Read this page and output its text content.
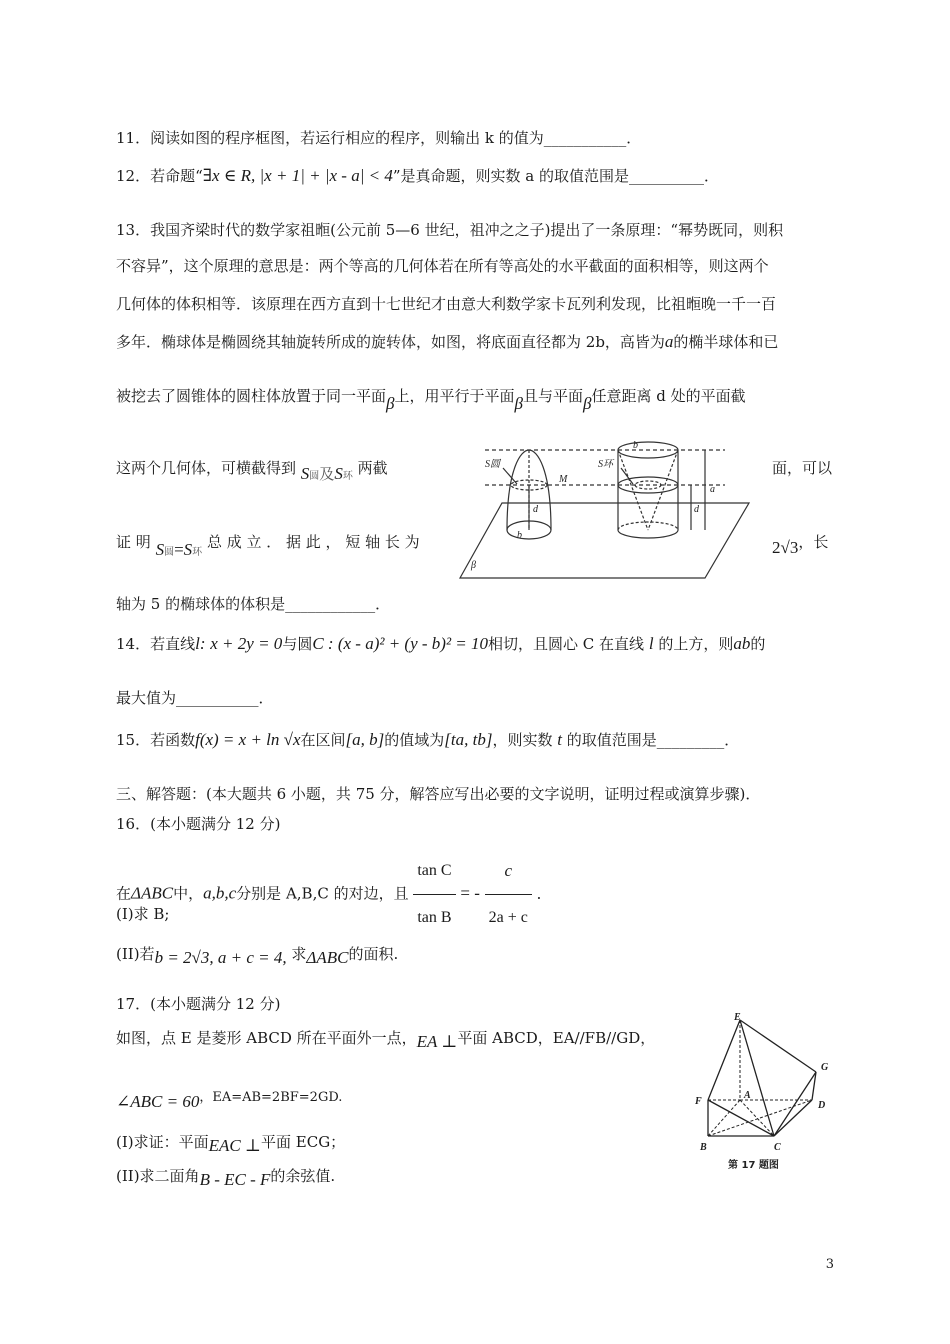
11．阅读如图的程序框图，若运行相应的程序，则输出 k 的值为___________．
12．若命题“∃x ∈ R, |x + 1| + |x - a| < 4”是真命题，则实数 a 的取值范围是__________．
13．我国齐梁时代的数学家祖暅(公元前 5—6 世纪，祖冲之之子)提出了一条原理：“幂势既同，则积
不容异”，这个原理的意思是：两个等高的几何体若在所有等高处的水平截面的面积相等，则这两个
几何体的体积相等．该原理在西方直到十七世纪才由意大利数学家卡瓦列利发现，比祖暅晚一千一百
多年．椭球体是椭圆绕其轴旋转所成的旋转体，如图，将底面直径都为 2b，高皆为a的椭半球体和已
被挖去了圆锥体的圆柱体放置于同一平面β上，用平行于平面β且与平面β任意距离 d 处的平面截
这两个几何体，可横截得到 S圆及S环 两截	面，可以
证 明 S圆=S环 总 成 立 ． 据 此 ， 短 轴 长 为	2√3，长
轴为 5 的椭球体的体积是____________．
S圆
M
S环
b
a
d	d
b
β
14．若直线l: x + 2y = 0与圆C : (x - a)² + (y - b)² = 10相切，且圆心 C 在直线 l 的上方，则ab的
最大值为___________．
15．若函数f(x) = x + ln √x在区间[a, b]的值域为[ta, tb]，则实数 t 的取值范围是_________．
三、解答题：(本大题共 6 小题，共 75 分，解答应写出必要的文字说明，证明过程或演算步骤)．
16．(本小题满分 12 分)
在ΔABC中，a,b,c分别是 A,B,C 的对边，且 $\frac{\text{tan C}}{\text{tan B}}$ = - $\frac{c}{2a + c}$ ．
(I)求 B;
(II)若b = 2√3, a + c = 4, 求ΔABC的面积.
17．(本小题满分 12 分)
如图，点 E 是菱形 ABCD 所在平面外一点，EA ⊥平面 ABCD，EA//FB//GD，
∠ABC = 60，EA=AB=2BF=2GD.
(I)求证：平面EAC ⊥平面 ECG；
(II)求二面角B - EC - F的余弦值.
E
G
F
A
D
B	C
第 17 题图
3
